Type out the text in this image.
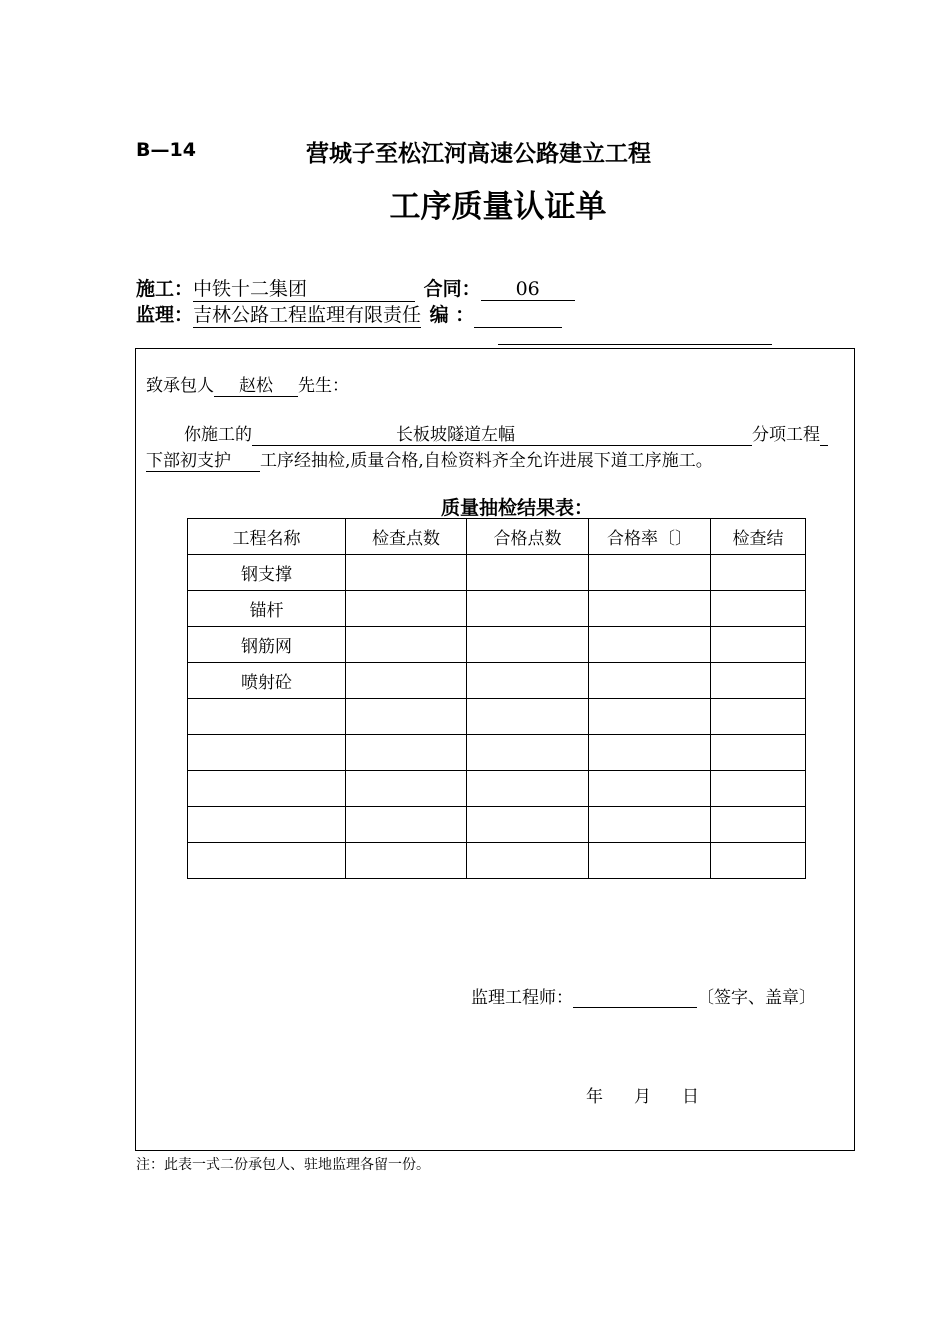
B—14	营城子至松江河高速公路建立工程
工序质量认证单
施工：中铁十二集团	合同： 06
监理：吉林公路工程监理有限责任 编 ：
致承包人 赵松 先生：
你施工的	长板坡隧道左幅	分项工程
下部初支护 工序经抽检,质量合格,自检资料齐全允许进展下道工序施工。
质量抽检结果表：
工程名称	检查点数	合格点数	合格率〔〕	检查结
钢支撑				
锚杆				
钢筋网				
喷射砼				

监理工程师：	〔签字、盖章〕
年 月 日
注：此表一式二份承包人、驻地监理各留一份。
